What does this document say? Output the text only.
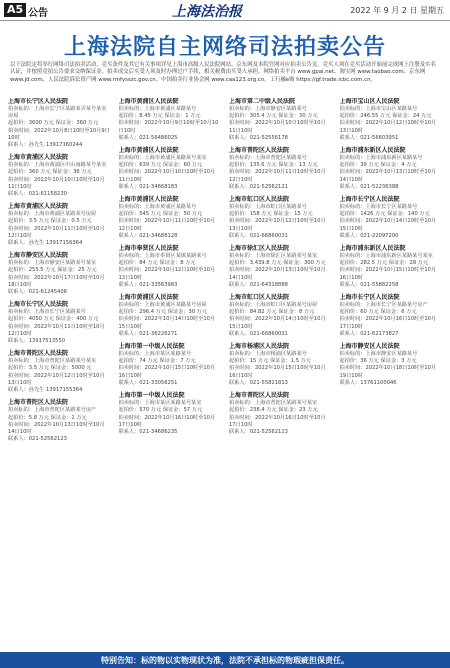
A5 公告	上海法治报	2022 年 9 月 2 日 星期五
上海法院自主网络司法拍卖公告
以下法院定将举行网络司法拍卖活动，竞买条件及其它有关事项详见上海市高级人民法院网站、京东网及本院官网对应拍卖公告页。竞买人须在竞买活动开始前完成网上注册及实名认证，并按照竞拍公告要求交纳保证金。拍卖成交后买受人须及时办理过户手续，相关税费由买受人承担。网络拍卖平台 www.gpai.net、淘宝网 www.taobao.com、京东网 www.jd.com、人民法院诉讼资产网 www.rmfysszc.gov.cn、中国拍卖行业协会网 www.caa123.org.cn。工行融e购 https://gf.trade.icbc.com.cn。
上海市长宁区人民法院
拍卖标的：上海市长宁区某路某弄某号某室房屋
起拍价：3600 万元 保证金：360 万元
拍卖时间：2022年10月8日10时至10月9日10时
联系人：孙先生 13917160244
上海市黄浦区人民法院
拍卖标的：上海市黄浦区中山南路某号某室
起拍价：360 万元 保证金：36 万元
拍卖时间：2022年10月10日10时至10月11日10时
联系人：021-61158230
上海市黄浦区人民法院
拍卖标的：上海市黄浦区某路某号房屋
起拍价：3.5 万元 保证金：0.5 万元
拍卖时间：2022年10月11日10时至10月12日10时
联系人：孙先生 13917156364
上海市静安区人民法院
拍卖标的：上海市静安区某路某号某室
起拍价：255.5 万元 保证金：25 万元
拍卖时间：2022年10月17日10时至10月18日10时
联系人：021-61245408
上海市长宁区人民法院
拍卖标的：上海市长宁区某路某号
起拍价：4050 万元 保证金：400 万元
拍卖时间：2022年10月11日10时至10月12日10时
联系人：13917513550
上海市普陀区人民法院
拍卖标的：上海市普陀区某路某号某室
起拍价：3.5 万元 保证金：5000 元
拍卖时间：2022年10月12日10时至10月13日10时
联系人：孙先生 13917155364
上海市普陀区人民法院
拍卖标的：上海市普陀区某路某号房产
起拍价：5.8 万元 保证金：1 万元
拍卖时间：2022年10月13日10时至10月14日10时
联系人：021-52562123
上海市黄浦区人民法院
拍卖标的：上海市黄浦区某路某号
起拍价：8.45 万元 保证金：1 万元
拍卖时间：2022年10月9日10时至10月10日10时
联系人：021-56486025
上海市黄浦区人民法院
拍卖标的：上海市黄浦区某路某号某室
起拍价：639 万元 保证金：60 万元
拍卖时间：2022年10月10日10时至10月11日10时
联系人：021-34668183
上海市黄浦区人民法院
拍卖标的：上海市黄浦区某路某号
起拍价：545 万元 保证金：50 万元
拍卖时间：2022年10月11日10时至10月12日10时
联系人：021-34688128
上海市奉贤区人民法院
拍卖标的：上海市奉贤区某镇某路某号
起拍价：84 万元 保证金：8 万元
拍卖时间：2022年10月12日10时至10月13日10时
联系人：021-33563983
上海市黄浦区人民法院
拍卖标的：上海市黄浦区某路某号房屋
起拍价：296.4 万元 保证金：30 万元
拍卖时间：2022年10月14日10时至10月15日10时
联系人：021-36226271
上海市第一中级人民法院
拍卖标的：上海市某区某路某号
起拍价：74 万元 保证金：7 万元
拍卖时间：2022年10月15日10时至10月16日10时
联系人：021-33056251
上海市第一中级人民法院
拍卖标的：上海市某区某路某号某室
起拍价：570 万元 保证金：57 万元
拍卖时间：2022年10月16日10时至10月17日10时
联系人：021-34686235
上海市第二中级人民法院
拍卖标的：上海市静安区某路某号
起拍价：305.4 万元 保证金：30 万元
拍卖时间：2022年10月10日10时至10月11日10时
联系人：021-52556178
上海市普陀区人民法院
拍卖标的：上海市普陀区某路某号
起拍价：135.6 万元 保证金：13 万元
拍卖时间：2022年10月11日10时至10月12日10时
联系人：021-52562121
上海市虹口区人民法院
拍卖标的：上海市虹口区某路某号
起拍价：158 万元 保证金：15 万元
拍卖时间：2022年10月12日10时至10月13日10时
联系人：021-66860031
上海市徐汇区人民法院
拍卖标的：上海市徐汇区某路某号某室
起拍价：3,439.8 万元 保证金：300 万元
拍卖时间：2022年10月13日10时至10月14日10时
联系人：021-64318888
上海市虹口区人民法院
拍卖标的：上海市虹口区某路某号房屋
起拍价：84.82 万元 保证金：8 万元
拍卖时间：2022年10月14日10时至10月15日10时
联系人：021-66860031
上海市杨浦区人民法院
拍卖标的：上海市杨浦区某路某号
起拍价：15 万元 保证金：1.5 万元
拍卖时间：2022年10月15日10时至10月16日10时
联系人：021-55821813
上海市普陀区人民法院
拍卖标的：上海市普陀区某路某号某室
起拍价：238.4 万元 保证金：23 万元
拍卖时间：2022年10月16日10时至10月17日10时
联系人：021-52562123
上海市宝山区人民法院
拍卖标的：上海市宝山区某路某号
起拍价：246.55 万元 保证金：24 万元
拍卖时间：2022年10月12日10时至10月13日10时
联系人：021-56603951
上海市浦东新区人民法院
拍卖标的：上海市浦东新区某路某号
起拍价：39 万元 保证金：4 万元
拍卖时间：2022年10月13日10时至10月14日10时
联系人：021-52236388
上海市长宁区人民法院
拍卖标的：上海市长宁区某路某号
起拍价：1426 万元 保证金：140 万元
拍卖时间：2022年10月14日10时至10月15日10时
联系人：021-22097200
上海市浦东新区人民法院
拍卖标的：上海市浦东新区某路某号某室
起拍价：282.5 万元 保证金：28 万元
拍卖时间：2022年10月15日10时至10月16日10时
联系人：021-55882258
上海市长宁区人民法院
拍卖标的：上海市长宁区某路某号房产
起拍价：60 万元 保证金：6 万元
拍卖时间：2022年10月16日10时至10月17日10时
联系人：021-62173827
上海市静安区人民法院
拍卖标的：上海市静安区某路某号
起拍价：36 万元 保证金：3 万元
拍卖时间：2022年10月18日10时至10月19日10时
联系人：13761100046
特别告知：标的物以实物现状为准，法院不承担标的物瑕疵担保责任。
